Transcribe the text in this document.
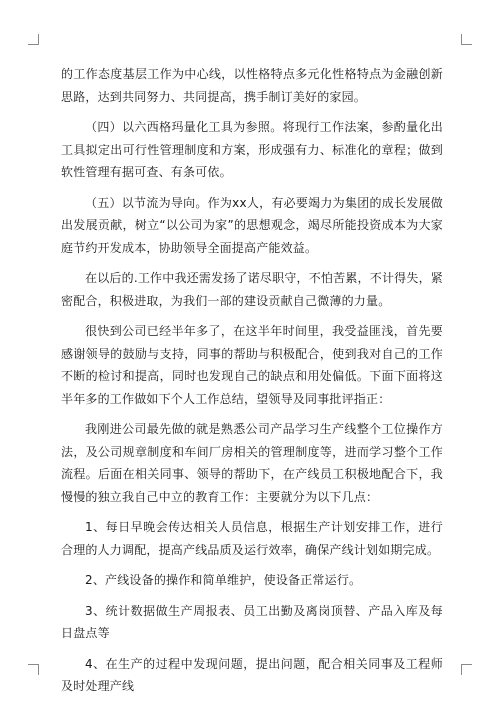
的工作态度基层工作为中心线，以性格特点多元化性格特点为金融创新思路，达到共同努力、共同提高，携手制订美好的家园。

（四）以六西格玛量化工具为参照。将现行工作法案，参酌量化出工具拟定出可行性管理制度和方案，形成强有力、标准化的章程；做到软性管理有据可查、有条可依。

（五）以节流为导向。作为xx人，有必要竭力为集团的成长发展做出发展贡献，树立“以公司为家”的思想观念，竭尽所能投资成本为大家庭节约开发成本，协助领导全面提高产能效益。

在以后的.工作中我还需发扬了诺尽职守，不怕苦累，不计得失，紧密配合，积极进取，为我们一部的建设贡献自己微薄的力量。

很快到公司已经半年多了，在这半年时间里，我受益匪浅，首先要感谢领导的鼓励与支持，同事的帮助与积极配合，使到我对自己的工作不断的检讨和提高，同时也发现自己的缺点和用处偏低。下面下面将这半年多的工作做如下个人工作总结，望领导及同事批评指正：

我刚进公司最先做的就是熟悉公司产品学习生产线整个工位操作方法，及公司规章制度和车间厂房相关的管理制度等，进而学习整个工作流程。后面在相关同事、领导的帮助下，在产线员工积极地配合下，我慢慢的独立我自己中立的教育工作：主要就分为以下几点：

1、每日早晚会传达相关人员信息，根据生产计划安排工作，进行合理的人力调配，提高产线品质及运行效率，确保产线计划如期完成。

2、产线设备的操作和简单维护，使设备正常运行。

3、统计数据做生产周报表、员工出勤及离岗顶替、产品入库及每日盘点等

4、在生产的过程中发现问题，提出问题，配合相关同事及工程师及时处理产线
